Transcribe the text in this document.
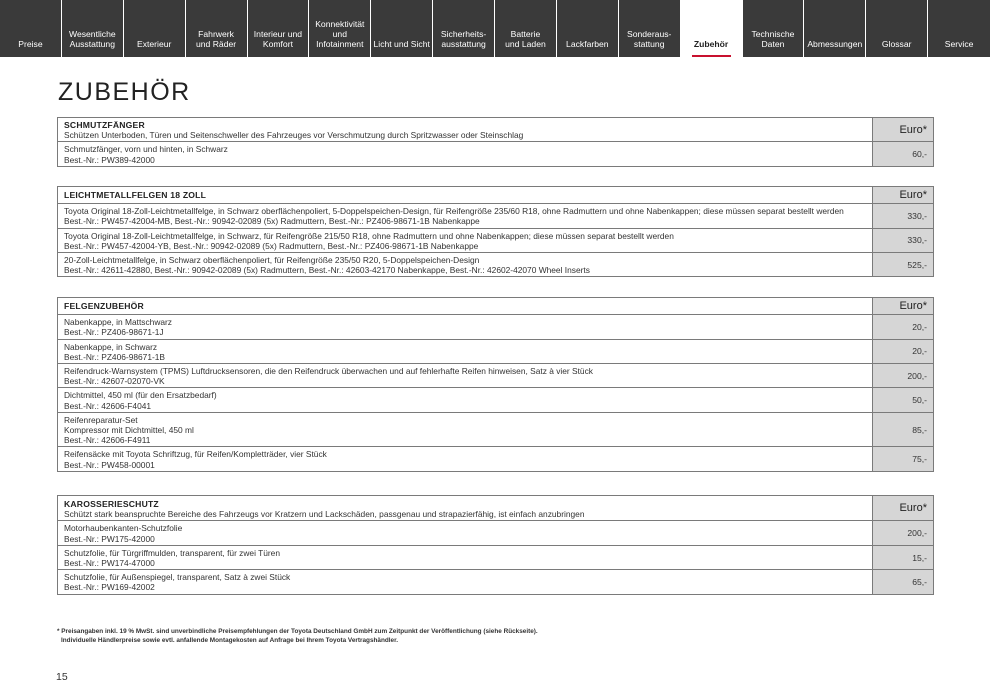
Preise
Wesentliche
Ausstattung	Exterieur
Fahrwerk
und Räder
Interieur und
Komfort
Konnektivität
und
Infotainment Licht und Sicht
Sicherheits-
ausstattung
Batterie
und Laden Lackfarben
Sonderaus-
stattung	Zubehör
Technische
Daten	Abmessungen Glossar	Service
ZUBEHÖR
SCHMUTZFÄNGER
Schützen Unterboden, Türen und Seitenschweller des Fahrzeuges vor Verschmutzung durch Spritzwasser oder Steinschlag	Euro*
Schmutzfänger, vorn und hinten, in Schwarz
Best.-Nr.: PW389-42000
60,-
LEICHTMETALLFELGEN 18 ZOLL	Euro*
Toyota Original 18-Zoll-Leichtmetallfelge, in Schwarz oberflächenpoliert, 5-Doppelspeichen-Design, für Reifengröße 235/60 R18, ohne Radmuttern und ohne Nabenkappen; diese müssen separat bestellt werden
Best.-Nr.: PW457-42004-MB, Best.-Nr.: 90942-02089 (5x) Radmuttern, Best.-Nr.: PZ406-98671-1B Nabenkappe
330,-
Toyota Original 18-Zoll-Leichtmetallfelge, in Schwarz, für Reifengröße 215/50 R18, ohne Radmuttern und ohne Nabenkappen; diese müssen separat bestellt werden
Best.-Nr.: PW457-42004-YB, Best.-Nr.: 90942-02089 (5x) Radmuttern, Best.-Nr.: PZ406-98671-1B Nabenkappe
330,-
20-Zoll-Leichtmetallfelge, in Schwarz oberflächenpoliert, für Reifengröße 235/50 R20, 5-Doppelspeichen-Design
Best.-Nr.: 42611-42880, Best.-Nr.: 90942-02089 (5x) Radmuttern, Best.-Nr.: 42603-42170 Nabenkappe, Best.-Nr.: 42602-42070 Wheel Inserts
525,-
FELGENZUBEHÖR	Euro*
Nabenkappe, in Mattschwarz
Best.-Nr.: PZ406-98671-1J
20,-
Nabenkappe, in Schwarz
Best.-Nr.: PZ406-98671-1B
20,-
Reifendruck-Warnsystem (TPMS) Luftdrucksensoren, die den Reifendruck überwachen und auf fehlerhafte Reifen hinweisen, Satz à vier Stück
Best.-Nr.: 42607-02070-VK
200,-
Dichtmittel, 450 ml (für den Ersatzbedarf)
Best.-Nr.: 42606-F4041
50,-
Reifenreparatur-Set
Kompressor mit Dichtmittel, 450 ml
Best.-Nr.: 42606-F4911
85,-
Reifensäcke mit Toyota Schriftzug, für Reifen/Kompletträder, vier Stück
Best.-Nr.: PW458-00001
75,-
KAROSSERIESCHUTZ
Schützt stark beanspruchte Bereiche des Fahrzeugs vor Kratzern und Lackschäden, passgenau und strapazierfähig, ist einfach anzubringen	Euro*
Motorhaubenkanten-Schutzfolie
Best.-Nr.: PW175-42000
200,-
Schutzfolie, für Türgriffmulden, transparent, für zwei Türen
Best.-Nr.: PW174-47000
15,-
Schutzfolie, für Außenspiegel, transparent, Satz à zwei Stück
Best.-Nr.: PW169-42002
65,-
* Preisangaben inkl. 19 % MwSt. sind unverbindliche Preisempfehlungen der Toyota Deutschland GmbH zum Zeitpunkt der Veröffentlichung (siehe Rückseite).
Individuelle Händlerpreise sowie evtl. anfallende Montagekosten auf Anfrage bei Ihrem Toyota Vertragshändler.
15
